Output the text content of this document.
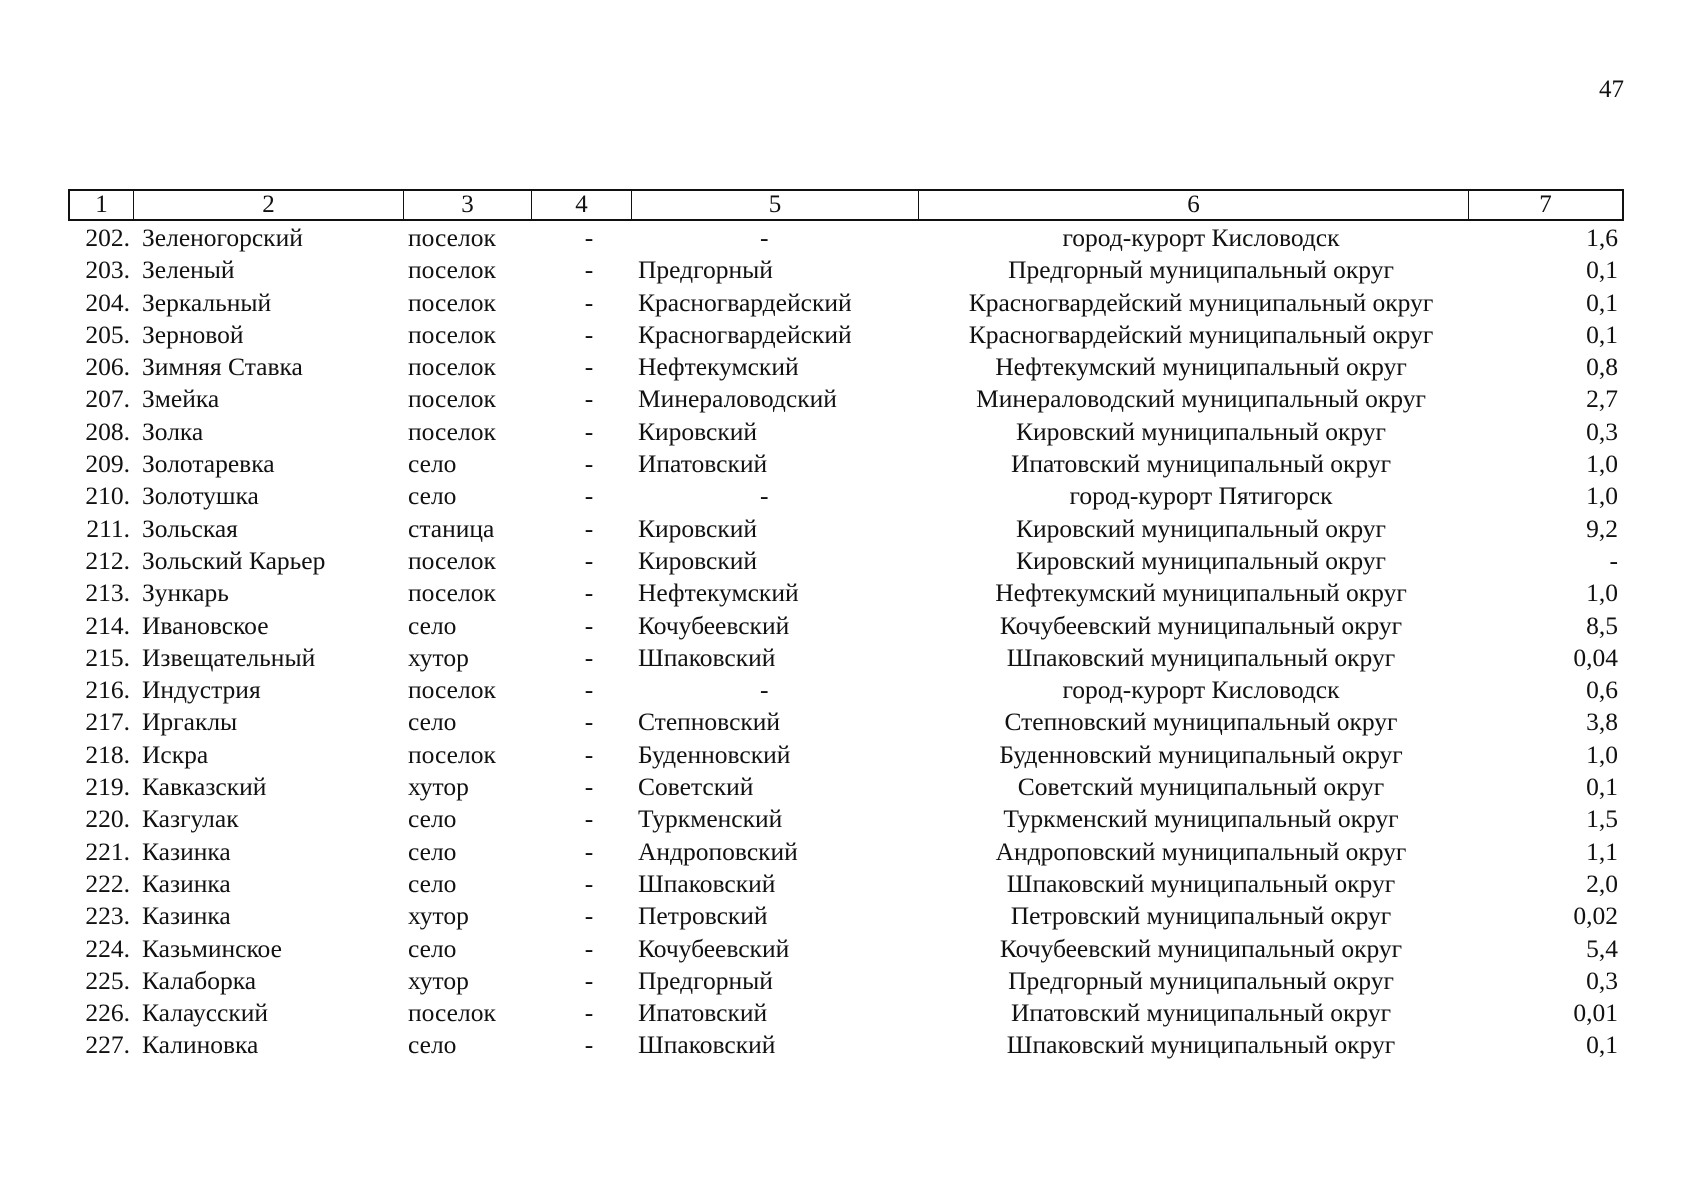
47
1	2	3	4	5	6	7
202. Зеленогорский	поселок	-	-	город-курорт Кисловодск	1,6
203. Зеленый	поселок	-	Предгорный	Предгорный муниципальный округ	0,1
204. Зеркальный	поселок	-	Красногвардейский	Красногвардейский муниципальный округ	0,1
205. Зерновой	поселок	-	Красногвардейский	Красногвардейский муниципальный округ	0,1
206. Зимняя Ставка	поселок	-	Нефтекумский	Нефтекумский муниципальный округ	0,8
207. Змейка	поселок	-	Минераловодский	Минераловодский муниципальный округ	2,7
208. Золка	поселок	-	Кировский	Кировский муниципальный округ	0,3
209. Золотаревка	село	-	Ипатовский	Ипатовский муниципальный округ	1,0
210. Золотушка	село	-	-	город-курорт Пятигорск	1,0
211. Зольская	станица	-	Кировский	Кировский муниципальный округ	9,2
212. Зольский Карьер	поселок	-	Кировский	Кировский муниципальный округ	-
213. Зункарь	поселок	-	Нефтекумский	Нефтекумский муниципальный округ	1,0
214. Ивановское	село	-	Кочубеевский	Кочубеевский муниципальный округ	8,5
215. Извещательный	хутор	-	Шпаковский	Шпаковский муниципальный округ	0,04
216. Индустрия	поселок	-	-	город-курорт Кисловодск	0,6
217. Иргаклы	село	-	Степновский	Степновский муниципальный округ	3,8
218. Искра	поселок	-	Буденновский	Буденновский муниципальный округ	1,0
219. Кавказский	хутор	-	Советский	Советский муниципальный округ	0,1
220. Казгулак	село	-	Туркменский	Туркменский муниципальный округ	1,5
221. Казинка	село	-	Андроповский	Андроповский муниципальный округ	1,1
222. Казинка	село	-	Шпаковский	Шпаковский муниципальный округ	2,0
223. Казинка	хутор	-	Петровский	Петровский муниципальный округ	0,02
224. Казьминское	село	-	Кочубеевский	Кочубеевский муниципальный округ	5,4
225. Калаборка	хутор	-	Предгорный	Предгорный муниципальный округ	0,3
226. Калаусский	поселок	-	Ипатовский	Ипатовский муниципальный округ	0,01
227. Калиновка	село	-	Шпаковский	Шпаковский муниципальный округ	0,1
